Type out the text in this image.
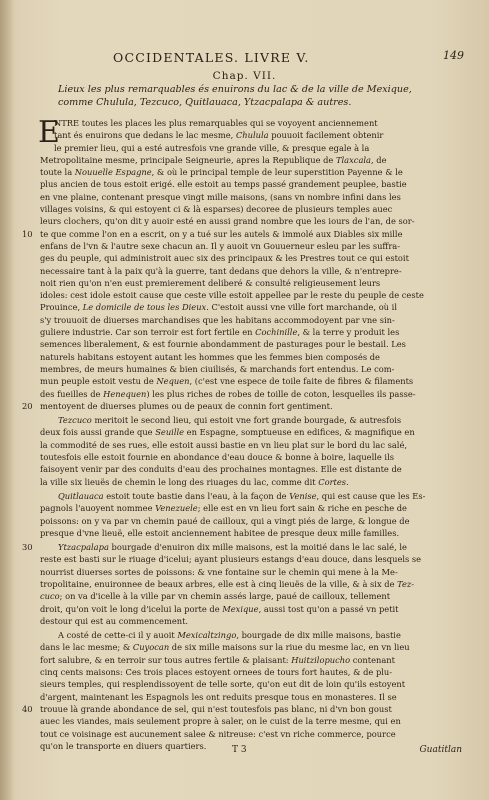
OCCIDENTALES. LIVRE V.	149
Chap. VII.
Lieux les plus remarquables és enuirons du lac & de la ville de Mexique,
comme Chulula, Tezcuco, Quitlauaca, Ytzacpalapa & autres.
E
NTRE toutes les places les plus remarquables qui se voyoyent anciennement
tant és enuirons que dedans le lac mesme, Chulula pouuoit facilement obtenir
le premier lieu, qui a esté autresfois vne grande ville, & presque egale à la
Metropolitaine mesme, principale Seigneurie, apres la Republique de Tlaxcala, de
toute la Nouuelle Espagne, & où le principal temple de leur superstition Payenne & le
plus ancien de tous estoit erigé. elle estoit au temps passé grandement peuplee, bastie
en vne plaine, contenant presque vingt mille maisons, (sans vn nombre infini dans les
villages voisins, & qui estoyent ci & là esparses) decoree de plusieurs temples auec
leurs clochers, qu'on dit y auoir esté en aussi grand nombre que les iours de l'an, de sor-
10 te que comme l'on en a escrit, on y a tué sur les autels & immolé aux Diables six mille
enfans de l'vn & l'autre sexe chacun an. Il y auoit vn Gouuerneur esleu par les suffra-
ges du peuple, qui administroit auec six des principaux & les Prestres tout ce qui estoit
necessaire tant à la paix qu'à la guerre, tant dedans que dehors la ville, & n'entrepre-
noit rien qu'on n'en eust premierement deliberé & consulté religieusement leurs
idoles: cest idole estoit cause que ceste ville estoit appellee par le reste du peuple de ceste
Prouince, Le domicile de tous les Dieux. C'estoit aussi vne ville fort marchande, où il
s'y trouuoit de diuerses marchandises que les habitans accommodoyent par vne sin-
guliere industrie. Car son terroir est fort fertile en Cochinille, & la terre y produit les
semences liberalement, & est fournie abondamment de pasturages pour le bestail. Les
naturels habitans estoyent autant les hommes que les femmes bien composés de
membres, de meurs humaines & bien ciuilisés, & marchands fort entendus. Le com-
mun peuple estoit vestu de Nequen, (c'est vne espece de toile faite de fibres & filaments
des fueilles de Henequen) les plus riches de robes de toille de coton, lesquelles ils passe-
20 mentoyent de diuerses plumes ou de peaux de connin fort gentiment.
Tezcuco meritoit le second lieu, qui estoit vne fort grande bourgade, & autresfois
deux fois aussi grande que Seuille en Espagne, somptueuse en edifices, & magnifique en
la commodité de ses rues, elle estoit aussi bastie en vn lieu plat sur le bord du lac salé,
toutesfois elle estoit fournie en abondance d'eau douce & bonne à boire, laquelle ils
faisoyent venir par des conduits d'eau des prochaines montagnes. Elle est distante de
la ville six lieuës de chemin le long des riuages du lac, comme dit Cortes.
Quitlauaca estoit toute bastie dans l'eau, à la façon de Venise, qui est cause que les Es-
pagnols l'auoyent nommee Venezuele; elle est en vn lieu fort sain & riche en pesche de
poissons: on y va par vn chemin paué de cailloux, qui a vingt piés de large, & longue de
presque d'vne lieuë, elle estoit anciennement habitee de presque deux mille familles.
30	Ytzacpalapa bourgade d'enuiron dix mille maisons, est la moitié dans le lac salé, le
reste est basti sur le riuage d'icelui; ayant plusieurs estangs d'eau douce, dans lesquels se
nourrist diuerses sortes de poissons: & vne fontaine sur le chemin qui mene à la Me-
tropolitaine, enuironnee de beaux arbres, elle est à cinq lieuës de la ville, & à six de Tez-
cuco; on va d'icelle à la ville par vn chemin assés large, paué de cailloux, tellement
droit, qu'on voit le long d'icelui la porte de Mexique, aussi tost qu'on a passé vn petit
destour qui est au commencement.
A costé de cette-ci il y auoit Mexicaltzingo, bourgade de dix mille maisons, bastie
dans le lac mesme; & Cuyocan de six mille maisons sur la riue du mesme lac, en vn lieu
fort salubre, & en terroir sur tous autres fertile & plaisant: Huitzilopucho contenant
cinq cents maisons: Ces trois places estoyent ornees de tours fort hautes, & de plu-
sieurs temples, qui resplendissoyent de telle sorte, qu'on eut dit de loin qu'ils estoyent
d'argent, maintenant les Espagnols les ont reduits presque tous en monasteres. Il se
40 trouue là grande abondance de sel, qui n'est toutesfois pas blanc, ni d'vn bon goust
auec les viandes, mais seulement propre à saler, on le cuist de la terre mesme, qui en
tout ce voisinage est aucunement salee & nitreuse: c'est vn riche commerce, pource
qu'on le transporte en diuers quartiers.	T 3	Guatitlan
